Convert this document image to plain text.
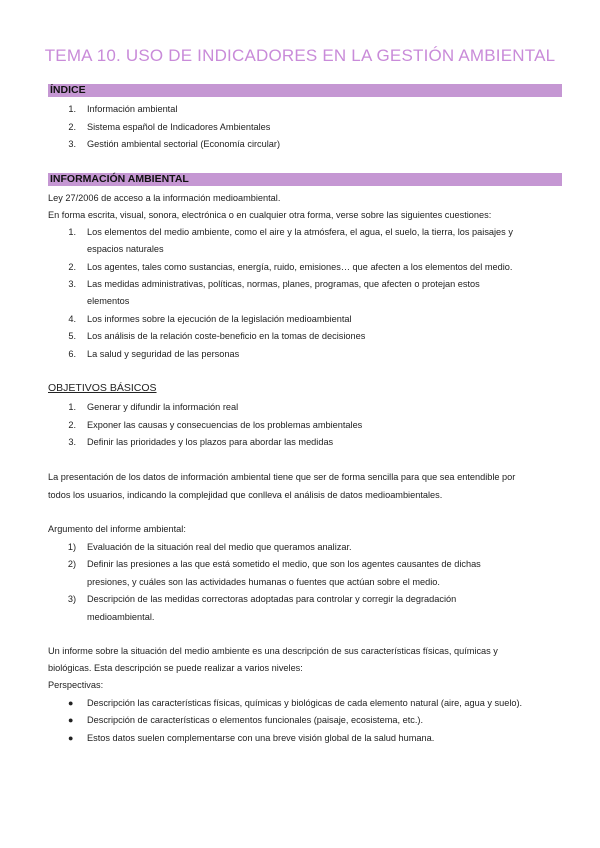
TEMA 10. USO DE INDICADORES EN LA GESTIÓN AMBIENTAL
ÍNDICE
1. Información ambiental
2. Sistema español de Indicadores Ambientales
3. Gestión ambiental sectorial (Economía circular)
INFORMACIÓN AMBIENTAL
Ley 27/2006 de acceso a la información medioambiental.
En forma escrita, visual, sonora, electrónica o en cualquier otra forma, verse sobre las siguientes cuestiones:
1. Los elementos del medio ambiente, como el aire y la atmósfera, el agua, el suelo, la tierra, los paisajes y
espacios naturales
2. Los agentes, tales como sustancias, energía, ruido, emisiones… que afecten a los elementos del medio.
3. Las medidas administrativas, políticas, normas, planes, programas, que afecten o protejan estos
elementos
4. Los informes sobre la ejecución de la legislación medioambiental
5. Los análisis de la relación coste-beneficio en la tomas de decisiones
6. La salud y seguridad de las personas
OBJETIVOS BÁSICOS
1. Generar y difundir la información real
2. Exponer las causas y consecuencias de los problemas ambientales
3. Definir las prioridades y los plazos para abordar las medidas
La presentación de los datos de información ambiental tiene que ser de forma sencilla para que sea entendible por
todos los usuarios, indicando la complejidad que conlleva el análisis de datos medioambientales.
Argumento del informe ambiental:
1) Evaluación de la situación real del medio que queramos analizar.
2) Definir las presiones a las que está sometido el medio, que son los agentes causantes de dichas
presiones, y cuáles son las actividades humanas o fuentes que actúan sobre el medio.
3) Descripción de las medidas correctoras adoptadas para controlar y corregir la degradación
medioambiental.
Un informe sobre la situación del medio ambiente es una descripción de sus características físicas, químicas y
biológicas. Esta descripción se puede realizar a varios niveles:
Perspectivas:
● Descripción las características físicas, químicas y biológicas de cada elemento natural (aire, agua y suelo).
● Descripción de características o elementos funcionales (paisaje, ecosistema, etc.).
● Estos datos suelen complementarse con una breve visión global de la salud humana.
